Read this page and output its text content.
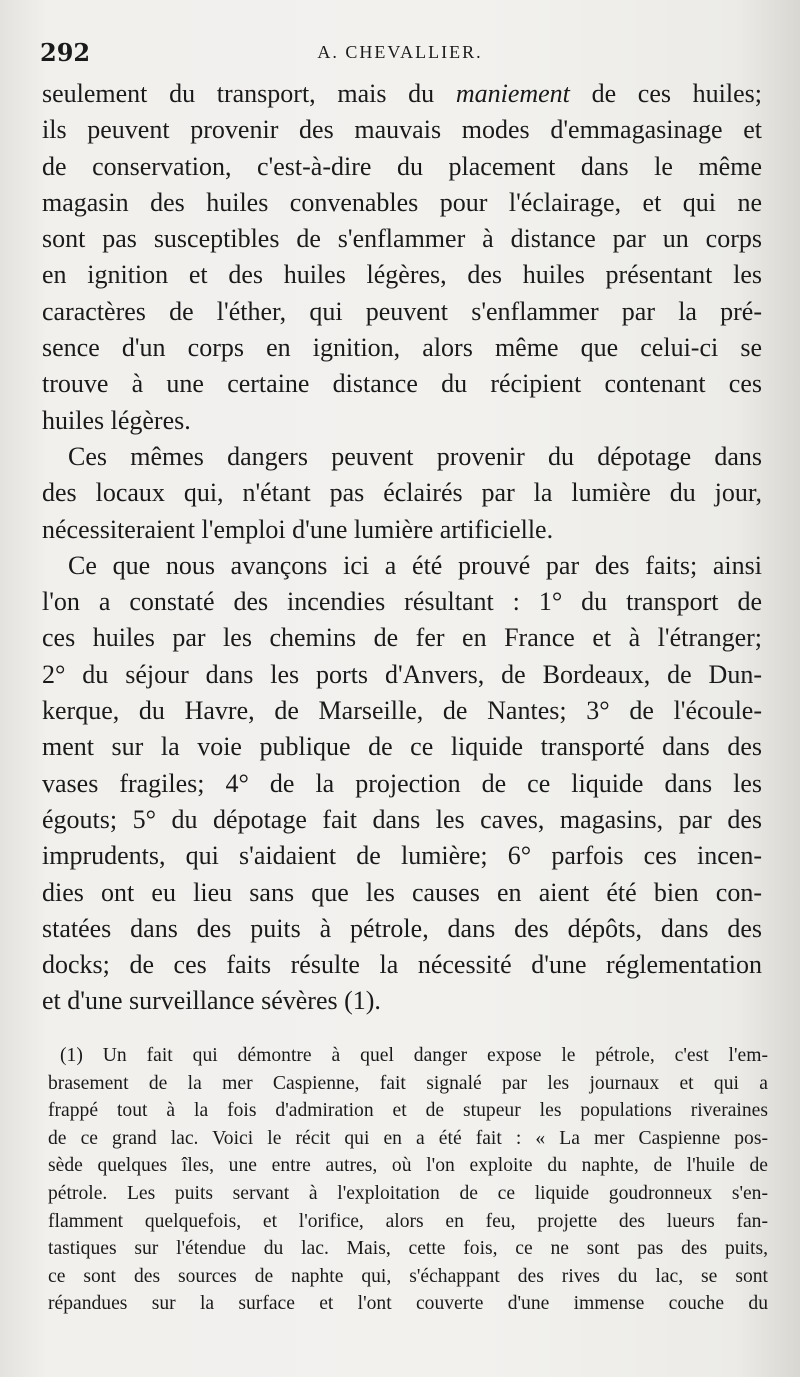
292	A. CHEVALLIER.
seulement du transport, mais du maniement de ces huiles;
ils peuvent provenir des mauvais modes d'emmagasinage et
de conservation, c'est-à-dire du placement dans le même
magasin des huiles convenables pour l'éclairage, et qui ne
sont pas susceptibles de s'enflammer à distance par un corps
en ignition et des huiles légères, des huiles présentant les
caractères de l'éther, qui peuvent s'enflammer par la pré-
sence d'un corps en ignition, alors même que celui-ci se
trouve à une certaine distance du récipient contenant ces
huiles légères.
Ces mêmes dangers peuvent provenir du dépotage dans
des locaux qui, n'étant pas éclairés par la lumière du jour,
nécessiteraient l'emploi d'une lumière artificielle.
Ce que nous avançons ici a été prouvé par des faits; ainsi
l'on a constaté des incendies résultant : 1° du transport de
ces huiles par les chemins de fer en France et à l'étranger;
2° du séjour dans les ports d'Anvers, de Bordeaux, de Dun-
kerque, du Havre, de Marseille, de Nantes; 3° de l'écoule-
ment sur la voie publique de ce liquide transporté dans des
vases fragiles; 4° de la projection de ce liquide dans les
égouts; 5° du dépotage fait dans les caves, magasins, par des
imprudents, qui s'aidaient de lumière; 6° parfois ces incen-
dies ont eu lieu sans que les causes en aient été bien con-
statées dans des puits à pétrole, dans des dépôts, dans des
docks; de ces faits résulte la nécessité d'une réglementation
et d'une surveillance sévères (1).
(1) Un fait qui démontre à quel danger expose le pétrole, c'est l'em-
brasement de la mer Caspienne, fait signalé par les journaux et qui a
frappé tout à la fois d'admiration et de stupeur les populations riveraines
de ce grand lac. Voici le récit qui en a été fait : « La mer Caspienne pos-
sède quelques îles, une entre autres, où l'on exploite du naphte, de l'huile de
pétrole. Les puits servant à l'exploitation de ce liquide goudronneux s'en-
flamment quelquefois, et l'orifice, alors en feu, projette des lueurs fan-
tastiques sur l'étendue du lac. Mais, cette fois, ce ne sont pas des puits,
ce sont des sources de naphte qui, s'échappant des rives du lac, se sont
répandues sur la surface et l'ont couverte d'une immense couche du
